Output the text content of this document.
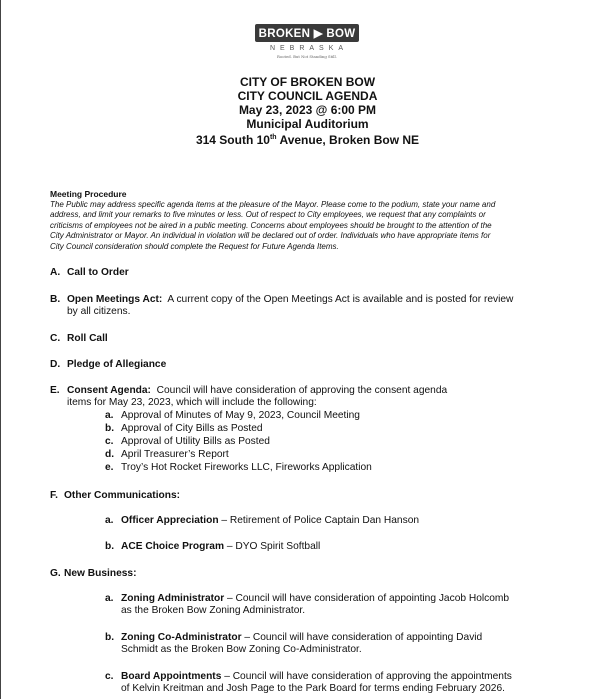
BROKEN ▶ BOW
NEBRASKA
Rooted. But Not Standing Still.
CITY OF BROKEN BOW
CITY COUNCIL AGENDA
May 23, 2023 @ 6:00 PM
Municipal Auditorium
314 South 10th Avenue, Broken Bow NE
Meeting Procedure
The Public may address specific agenda items at the pleasure of the Mayor. Please come to the podium, state your name and
address, and limit your remarks to five minutes or less. Out of respect to City employees, we request that any complaints or
criticisms of employees not be aired in a public meeting. Concerns about employees should be brought to the attention of the
City Administrator or Mayor. An individual in violation will be declared out of order. Individuals who have appropriate items for
City Council consideration should complete the Request for Future Agenda Items.
A. Call to Order
B. Open Meetings Act: A current copy of the Open Meetings Act is available and is posted for review
by all citizens.
C. Roll Call
D. Pledge of Allegiance
E. Consent Agenda: Council will have consideration of approving the consent agenda
items for May 23, 2023, which will include the following:
a. Approval of Minutes of May 9, 2023, Council Meeting
b. Approval of City Bills as Posted
c. Approval of Utility Bills as Posted
d. April Treasurer’s Report
e. Troy’s Hot Rocket Fireworks LLC, Fireworks Application
F. Other Communications:
a. Officer Appreciation – Retirement of Police Captain Dan Hanson
b. ACE Choice Program – DYO Spirit Softball
G. New Business:
a. Zoning Administrator – Council will have consideration of appointing Jacob Holcomb
as the Broken Bow Zoning Administrator.
b. Zoning Co-Administrator – Council will have consideration of appointing David
Schmidt as the Broken Bow Zoning Co-Administrator.
c. Board Appointments – Council will have consideration of approving the appointments
of Kelvin Kreitman and Josh Page to the Park Board for terms ending February 2026.
